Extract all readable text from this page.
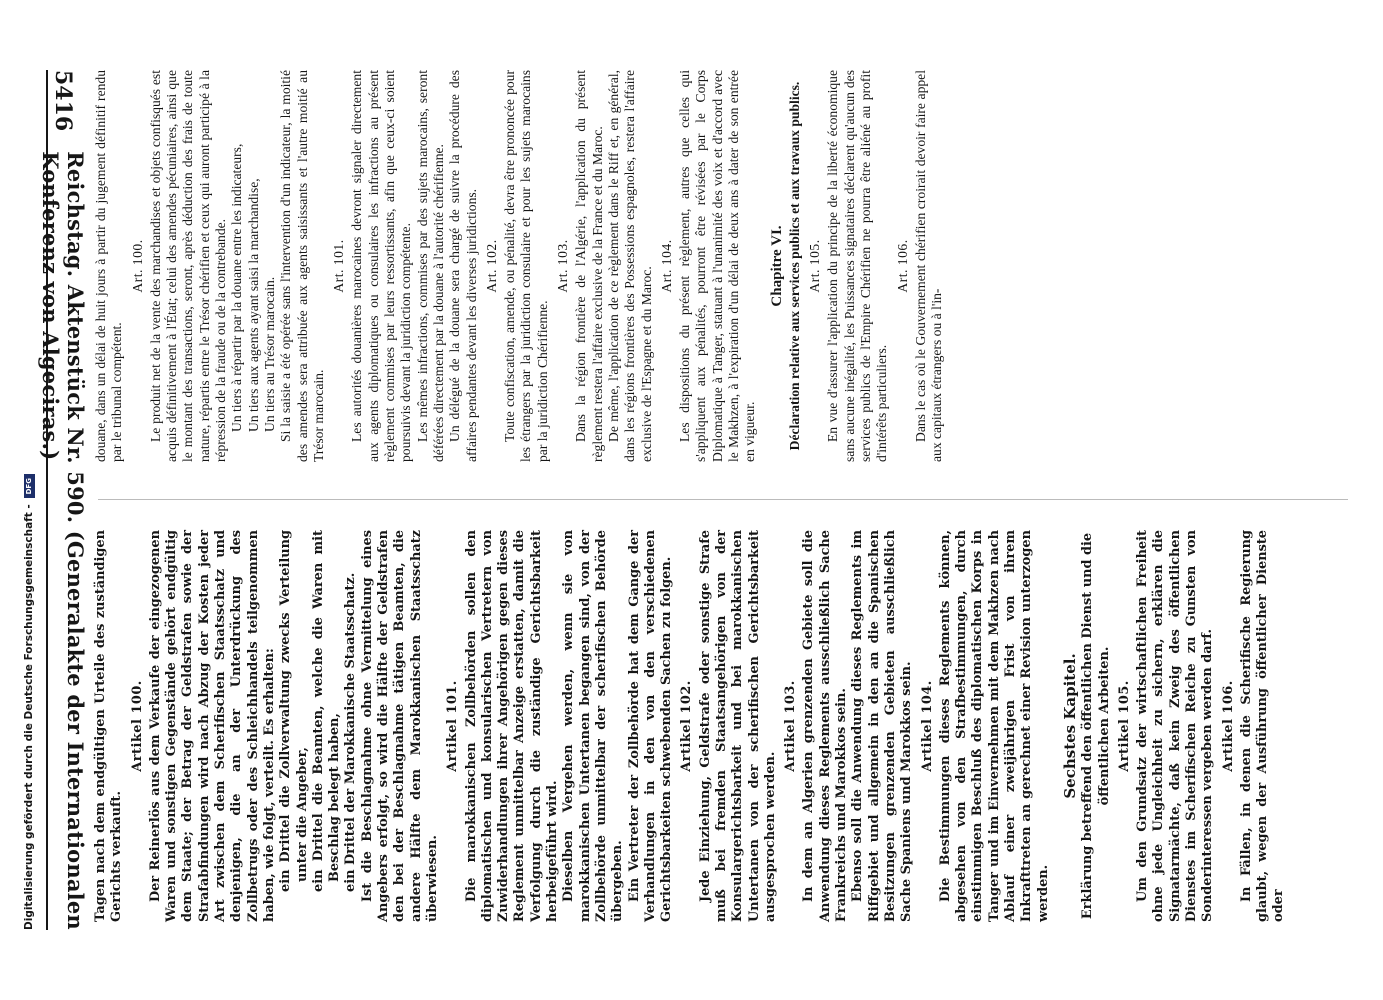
5416
Reichstag. Aktenstück Nr. 590. (Generalakte der Internationalen Konferenz von Algeciras.)	douane, dans un délai de huit jours à partir du jugement définitif rendu par le tribunal compétent.

Art. 100. Le produit net de la vente des marchandises et objets confisqués est acquis définitivement à l'État; celui des amendes pécuniaires, ainsi que le montant des transactions, seront, après déduction des frais de toute nature, répartis entre le Trésor chérifien et ceux qui auront participé à la répression de la fraude ou de la contrebande. Un tiers à répartir par la douane entre les indicateurs, Un tiers aux agents ayant saisi la marchandise, Un tiers au Trésor marocain. Si la saisie a été opérée sans l'intervention d'un indicateur, la moitié des amendes sera attribuée aux agents saisissants et l'autre moitié au Trésor marocain.

Art. 101. Les autorités douanières marocaines devront signaler directement aux agents diplomatiques ou consulaires les infractions au présent règlement commises par leurs ressortissants, afin que ceux-ci soient poursuivis devant la juridiction compétente. Les mêmes infractions, commises par des sujets marocains, seront déférées directement par la douane à l'autorité chérifienne. Un délégué de la douane sera chargé de suivre la procédure des affaires pendantes devant les diverses juridictions. Art. 102. Toute confiscation, amende, ou pénalité, devra être prononcée pour les étrangers par la juridiction consulaire et pour les sujets marocains par la juridiction Chérifienne.

Art. 103. Dans la région frontière de l'Algérie, l'application du présent règlement restera l'affaire exclusive de la France et du Maroc. De même, l'application de ce règlement dans le Riff et, en général, dans les régions frontières des Possessions espagnoles, restera l'affaire exclusive de l'Espagne et du Maroc.

Art. 104. Les dispositions du présent règlement, autres que celles qui s'appliquent aux pénalités, pourront être révisées par le Corps Diplomatique à Tanger, statuant à l'unanimité des voix et d'accord avec le Makhzen, à l'expiration d'un délai de deux ans à dater de son entrée en vigueur.

Chapitre VI. Déclaration relative aux services publics et aux travaux publics. Art. 105. En vue d'assurer l'application du principe de la liberté économique sans aucune inégalité, les Puissances signataires déclarent qu'aucun des services publics de l'Empire Chérifien ne pourra être aliéné au profit d'intérêts particuliers.

Art. 106. Dans le cas où le Gouvernement chérifien croirait devoir faire appel aux capitaux étrangers ou à l'in-

Tagen nach dem endgültigen Urteile des zuständigen Gerichts verkauft.

Artikel 100. Der Reinerlös aus dem Verkaufe der eingezogenen Waren und sonstigen Gegenstände gehört endgültig dem Staate; der Betrag der Geldstrafen sowie der Strafabfindungen wird nach Abzug der Kosten jeder Art zwischen dem Scherifischen Staatsschatz und denjenigen, die an der Unterdrückung des Zollbetrugs oder des Schleichhandels teilgenommen haben, wie folgt, verteilt. Es erhalten: ein Drittel die Zollverwaltung zwecks Verteilung unter die Angeber, ein Drittel die Beamten, welche die Waren mit Beschlag belegt haben, ein Drittel der Marokkanische Staatsschatz. Ist die Beschlagnahme ohne Vermittelung eines Angebers erfolgt, so wird die Hälfte der Geldstrafen den bei der Beschlagnahme tätigen Beamten, die andere Hälfte dem Marokkanischen Staatsschatz überwiesen.

Artikel 101. Die marokkanischen Zollbehörden sollen den diplomatischen und konsularischen Vertretern von Zuwiderhandlungen ihrer Angehörigen gegen dieses Reglement unmittelbar Anzeige erstatten, damit die Verfolgung durch die zuständige Gerichtsbarkeit herbeigeführt wird. Dieselben Vergehen werden, wenn sie von marokkanischen Untertanen begangen sind, von der Zollbehörde unmittelbar der scherifischen Behörde übergeben. Ein Vertreter der Zollbehörde hat dem Gange der Verhandlungen in den von den verschiedenen Gerichtsbarkeiten schwebenden Sachen zu folgen. Artikel 102. Jede Einziehung, Geldstrafe oder sonstige Strafe muß bei fremden Staatsangehörigen von der Konsulargerichtsbarkeit und bei marokkanischen Untertanen von der scherifischen Gerichtsbarkeit ausgesprochen werden.

Artikel 103. In dem an Algerien grenzenden Gebiete soll die Anwendung dieses Reglements ausschließlich Sache Frankreichs und Marokkos sein. Ebenso soll die Anwendung dieses Reglements im Riffgebiet und allgemein in den an die Spanischen Besitzungen grenzenden Gebieten ausschließlich Sache Spaniens und Marokkos sein. Artikel 104. Die Bestimmungen dieses Reglements können, abgesehen von den Strafbestimmungen, durch einstimmigen Beschluß des diplomatischen Korps in Tanger und im Einvernehmen mit dem Makhzen nach Ablauf einer zweijährigen Frist von ihrem Inkrafttreten an gerechnet einer Revision unterzogen werden.

Sechstes Kapitel. Erklärung betreffend den öffentlichen Dienst und die öffentlichen Arbeiten. Artikel 105. Um den Grundsatz der wirtschaftlichen Freiheit ohne jede Ungleichheit zu sichern, erklären die Signatarmächte, daß kein Zweig des öffentlichen Dienstes im Scherifischen Reiche zu Gunsten von Sonderinteressen vergeben werden darf. Artikel 106. In Fällen, in denen die Scherifische Regierung glaubt, wegen der Ausführung öffentlicher Dienste oder

Digitalisierung gefördert durch die Deutsche Forschungsgemeinschaft -
DFG
